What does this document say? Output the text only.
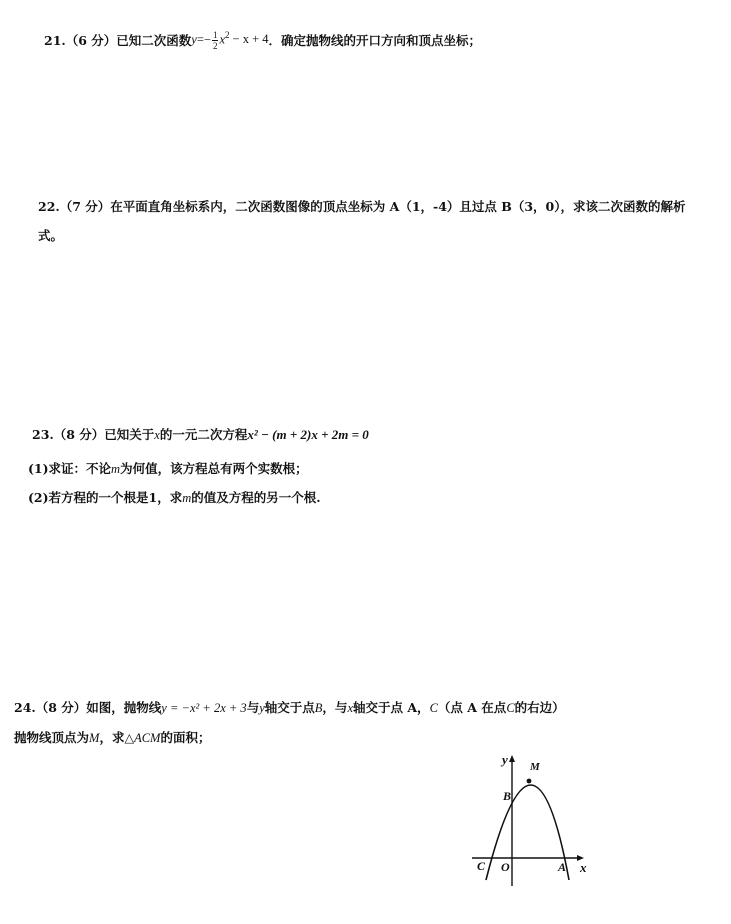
21.（6 分）已知二次函数 $y=- \frac{1}{2} x^2 - x + 4$ ．确定抛物线的开口方向和顶点坐标；
22.（7 分）在平面直角坐标系内，二次函数图像的顶点坐标为 A（1，-4）且过点 B（3，0），求该二次函数的解析
式。
23.（8 分）已知关于 x 的一元二次方程 x² − (m + 2)x + 2m = 0
(1)求证：不论 m 为何值，该方程总有两个实数根；
(2)若方程的一个根是1，求 m 的值及方程的另一个根.
24.（8 分）如图，抛物线 y = −x² + 2x + 3 与 y 轴交于点 B ，与 x 轴交于点 A， C （点 A 在点 C 的右边）
抛物线顶点为 M ，求 △ACM 的面积；
y
x
B
C O	A
M
